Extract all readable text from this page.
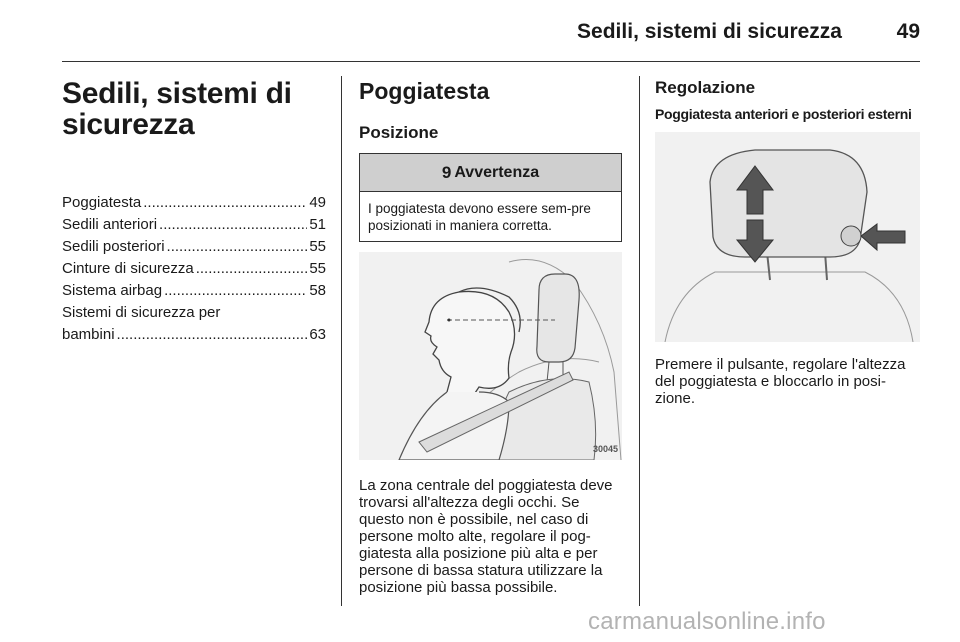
Sedili, sistemi di sicurezza	49
Sedili, sistemi di
sicurezza
Poggiatesta .....	49
Sedili anteriori .....	51
Sedili posteriori .....	55
Cinture di sicurezza .....	55
Sistema airbag .....	58
Sistemi di sicurezza per
bambini .....	63
Poggiatesta
Posizione
9 Avvertenza
I poggiatesta devono essere sem-pre posizionati in maniera corretta.
30045
La zona centrale del poggiatesta deve trovarsi all'altezza degli occhi. Se questo non è possibile, nel caso di persone molto alte, regolare il pog-giatesta alla posizione più alta e per persone di bassa statura utilizzare la posizione più bassa possibile.
Regolazione
Poggiatesta anteriori e posteriori esterni
Premere il pulsante, regolare l'altezza del poggiatesta e bloccarlo in posi-zione.
carmanualsonline.info
